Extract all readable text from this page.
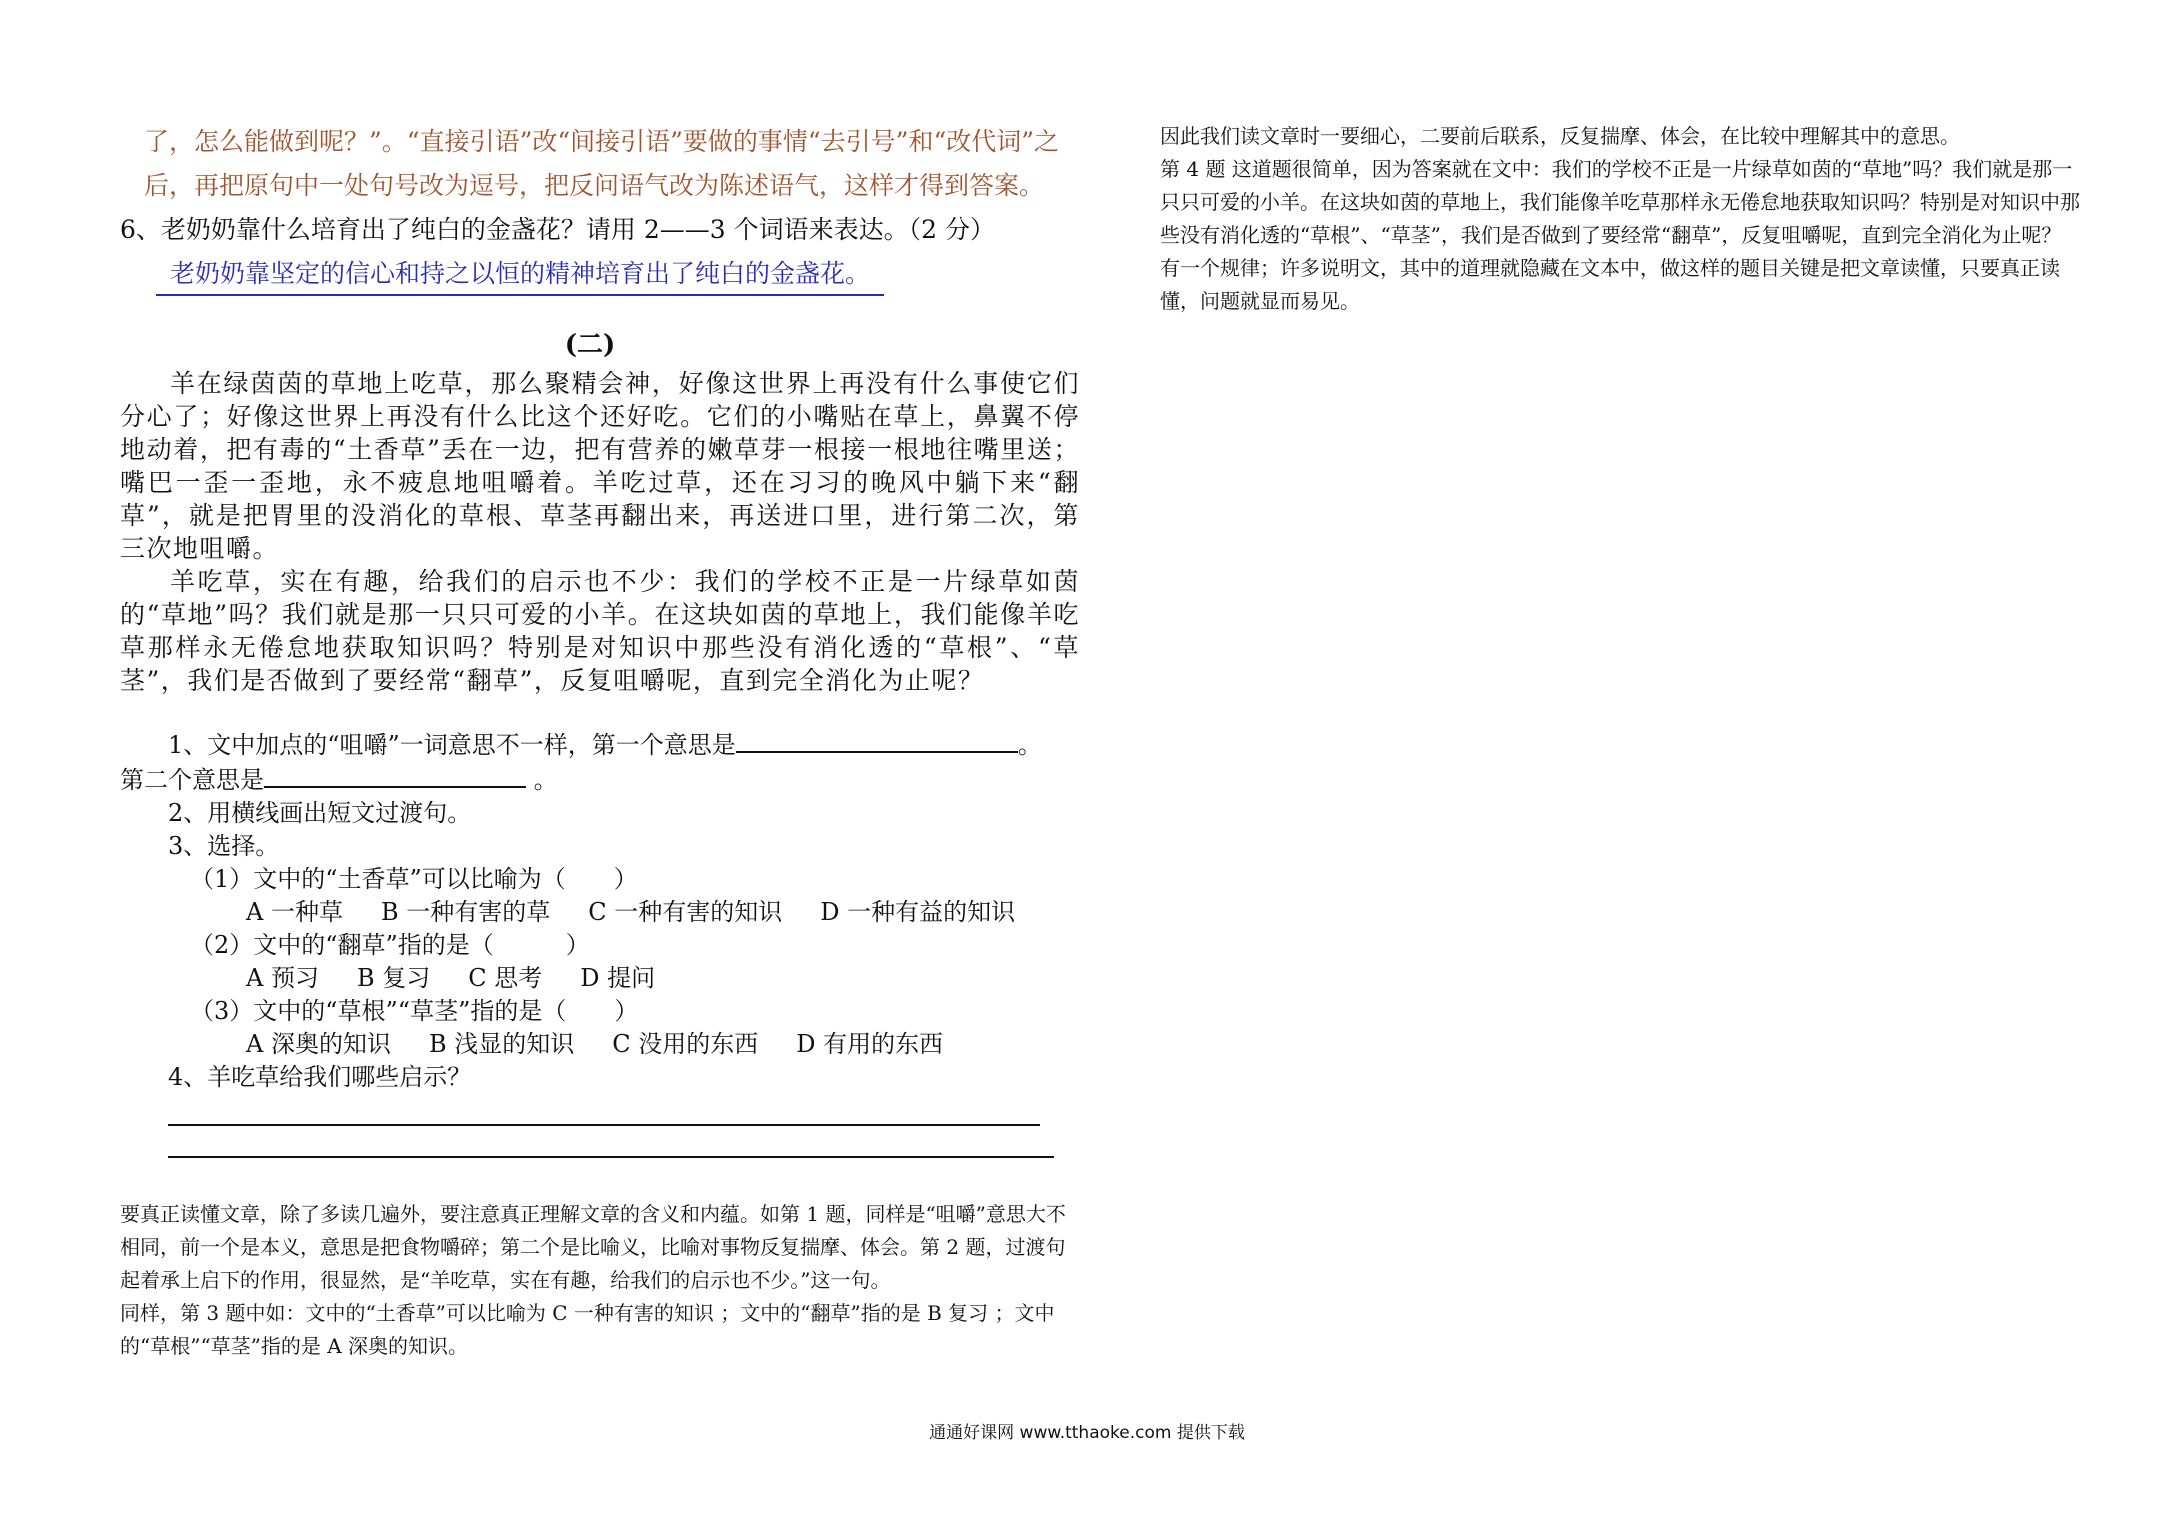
了，怎么能做到呢？”。“直接引语”改“间接引语”要做的事情“去引号”和“改代词”之后，再把原句中一处句号改为逗号，把反问语气改为陈述语气，这样才得到答案。

6、老奶奶靠什么培育出了纯白的金盏花？请用 2——3 个词语来表达。（2 分）

老奶奶靠坚定的信心和持之以恒的精神培育出了纯白的金盏花。
(二)

羊在绿茵茵的草地上吃草，那么聚精会神，好像这世界上再没有什么事使它们分心了；好像这世界上再没有什么比这个还好吃。它们的小嘴贴在草上，鼻翼不停地动着，把有毒的“土香草”丢在一边，把有营养的嫩草芽一根接一根地往嘴里送；嘴巴一歪一歪地，永不疲息地咀嚼着。羊吃过草，还在习习的晚风中躺下来“翻草”，就是把胃里的没消化的草根、草茎再翻出来，再送进口里，进行第二次，第三次地咀嚼。

羊吃草，实在有趣，给我们的启示也不少：我们的学校不正是一片绿草如茵的“草地”吗？我们就是那一只只可爱的小羊。在这块如茵的草地上，我们能像羊吃草那样永无倦怠地获取知识吗？特别是对知识中那些没有消化透的“草根”、“草茎”，我们是否做到了要经常“翻草”，反复咀嚼呢，直到完全消化为止呢？

1、文中加点的“咀嚼”一词意思不一样，第一个意思是	。

第二个意思是	。

2、用横线画出短文过渡句。

3、选择。

（1）文中的“土香草”可以比喻为（　　）

A 一种草 B 一种有害的草 C 一种有害的知识 D 一种有益的知识

（2）文中的“翻草”指的是（　　　）

A 预习 B 复习 C 思考 D 提问

（3）文中的“草根”“草茎”指的是（　　）

A 深奥的知识 B 浅显的知识 C 没用的东西 D 有用的东西

4、羊吃草给我们哪些启示？

要真正读懂文章，除了多读几遍外，要注意真正理解文章的含义和内蕴。如第 1 题，同样是“咀嚼”意思大不相同，前一个是本义，意思是把食物嚼碎；第二个是比喻义，比喻对事物反复揣摩、体会。第 2 题，过渡句起着承上启下的作用，很显然，是“羊吃草，实在有趣，给我们的启示也不少。”这一句。

同样，第 3 题中如：文中的“土香草”可以比喻为 C 一种有害的知识 ；文中的“翻草”指的是 B 复习 ；文中的“草根”“草茎”指的是 A 深奥的知识。

因此我们读文章时一要细心，二要前后联系，反复揣摩、体会，在比较中理解其中的意思。

第 4 题 这道题很简单，因为答案就在文中：我们的学校不正是一片绿草如茵的“草地”吗？我们就是那一只只可爱的小羊。在这块如茵的草地上，我们能像羊吃草那样永无倦怠地获取知识吗？特别是对知识中那些没有消化透的“草根”、“草茎”，我们是否做到了要经常“翻草”，反复咀嚼呢，直到完全消化为止呢？

有一个规律；许多说明文，其中的道理就隐藏在文本中，做这样的题目关键是把文章读懂，只要真正读懂，问题就显而易见。

通通好课网 www.tthaoke.com 提供下载
